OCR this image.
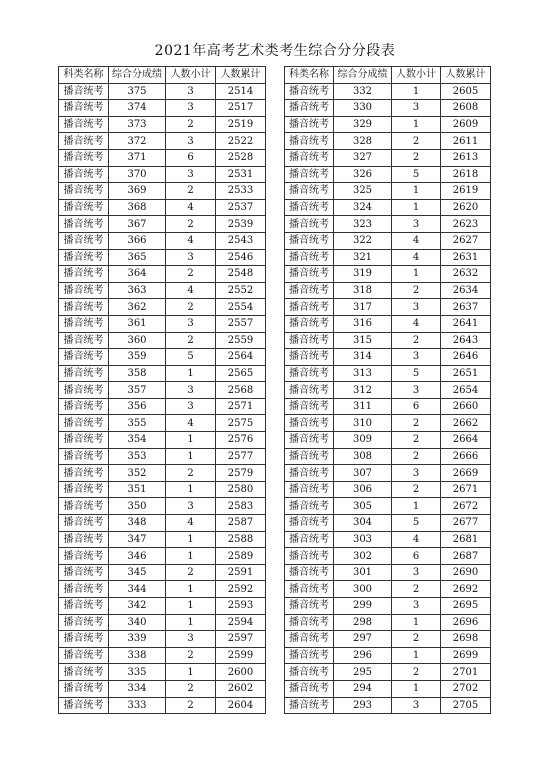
2021年高考艺术类考生综合分分段表
科类名称	综合分成绩	人数小计	人数累计
播音统考	375	3	2514
播音统考	374	3	2517
播音统考	373	2	2519
播音统考	372	3	2522
播音统考	371	6	2528
播音统考	370	3	2531
播音统考	369	2	2533
播音统考	368	4	2537
播音统考	367	2	2539
播音统考	366	4	2543
播音统考	365	3	2546
播音统考	364	2	2548
播音统考	363	4	2552
播音统考	362	2	2554
播音统考	361	3	2557
播音统考	360	2	2559
播音统考	359	5	2564
播音统考	358	1	2565
播音统考	357	3	2568
播音统考	356	3	2571
播音统考	355	4	2575
播音统考	354	1	2576
播音统考	353	1	2577
播音统考	352	2	2579
播音统考	351	1	2580
播音统考	350	3	2583
播音统考	348	4	2587
播音统考	347	1	2588
播音统考	346	1	2589
播音统考	345	2	2591
播音统考	344	1	2592
播音统考	342	1	2593
播音统考	340	1	2594
播音统考	339	3	2597
播音统考	338	2	2599
播音统考	335	1	2600
播音统考	334	2	2602
播音统考	333	2	2604
科类名称	综合分成绩	人数小计	人数累计
播音统考	332	1	2605
播音统考	330	3	2608
播音统考	329	1	2609
播音统考	328	2	2611
播音统考	327	2	2613
播音统考	326	5	2618
播音统考	325	1	2619
播音统考	324	1	2620
播音统考	323	3	2623
播音统考	322	4	2627
播音统考	321	4	2631
播音统考	319	1	2632
播音统考	318	2	2634
播音统考	317	3	2637
播音统考	316	4	2641
播音统考	315	2	2643
播音统考	314	3	2646
播音统考	313	5	2651
播音统考	312	3	2654
播音统考	311	6	2660
播音统考	310	2	2662
播音统考	309	2	2664
播音统考	308	2	2666
播音统考	307	3	2669
播音统考	306	2	2671
播音统考	305	1	2672
播音统考	304	5	2677
播音统考	303	4	2681
播音统考	302	6	2687
播音统考	301	3	2690
播音统考	300	2	2692
播音统考	299	3	2695
播音统考	298	1	2696
播音统考	297	2	2698
播音统考	296	1	2699
播音统考	295	2	2701
播音统考	294	1	2702
播音统考	293	3	2705
